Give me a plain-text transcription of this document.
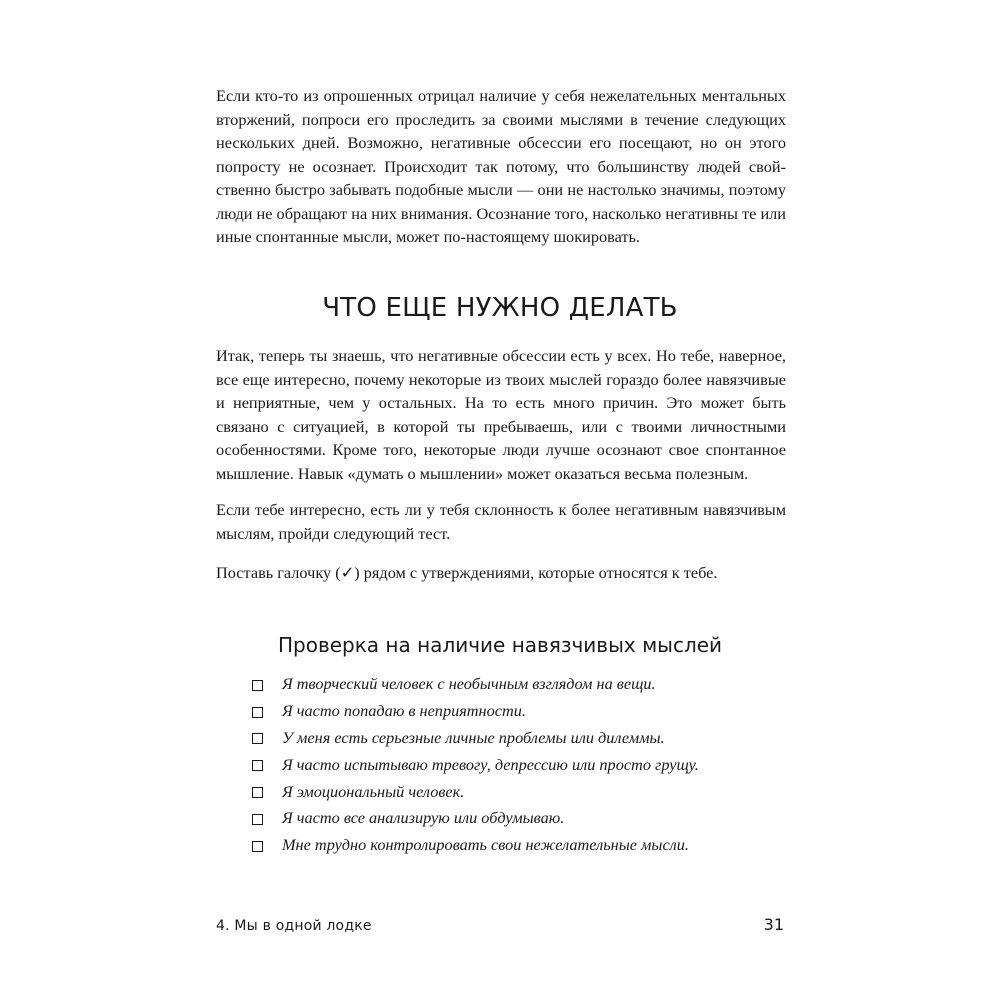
Если кто-то из опрошенных отрицал наличие у себя нежелательных ментальных вторжений, попроси его проследить за своими мыслями в течение следующих нескольких дней. Возможно, негативные обсессии его посещают, но он этого попросту не осознает. Происходит так потому, что большинству людей свойственно быстро забывать подобные мысли — они не настолько значимы, поэтому люди не обращают на них внимания. Осознание того, насколько негативны те или иные спонтанные мысли, может по-настоящему шокировать.

ЧТО ЕЩЕ НУЖНО ДЕЛАТЬ

Итак, теперь ты знаешь, что негативные обсессии есть у всех. Но тебе, наверное, все еще интересно, почему некоторые из твоих мыслей гораздо более навязчивые и неприятные, чем у остальных. На то есть много причин. Это может быть связано с ситуацией, в которой ты пребываешь, или с твоими личностными особенностями. Кроме того, некоторые люди лучше осознают свое спонтанное мышление. Навык «думать о мышлении» может оказаться весьма полезным.

Если тебе интересно, есть ли у тебя склонность к более негативным навязчивым мыслям, пройди следующий тест.

Поставь галочку (✓) рядом с утверждениями, которые относятся к тебе.

Проверка на наличие навязчивых мыслей
Я творческий человек с необычным взглядом на вещи.
Я часто попадаю в неприятности.
У меня есть серьезные личные проблемы или дилеммы.
Я часто испытываю тревогу, депрессию или просто грущу.
Я эмоциональный человек.
Я часто все анализирую или обдумываю.
Мне трудно контролировать свои нежелательные мысли.
4. Мы в одной лодке	31
